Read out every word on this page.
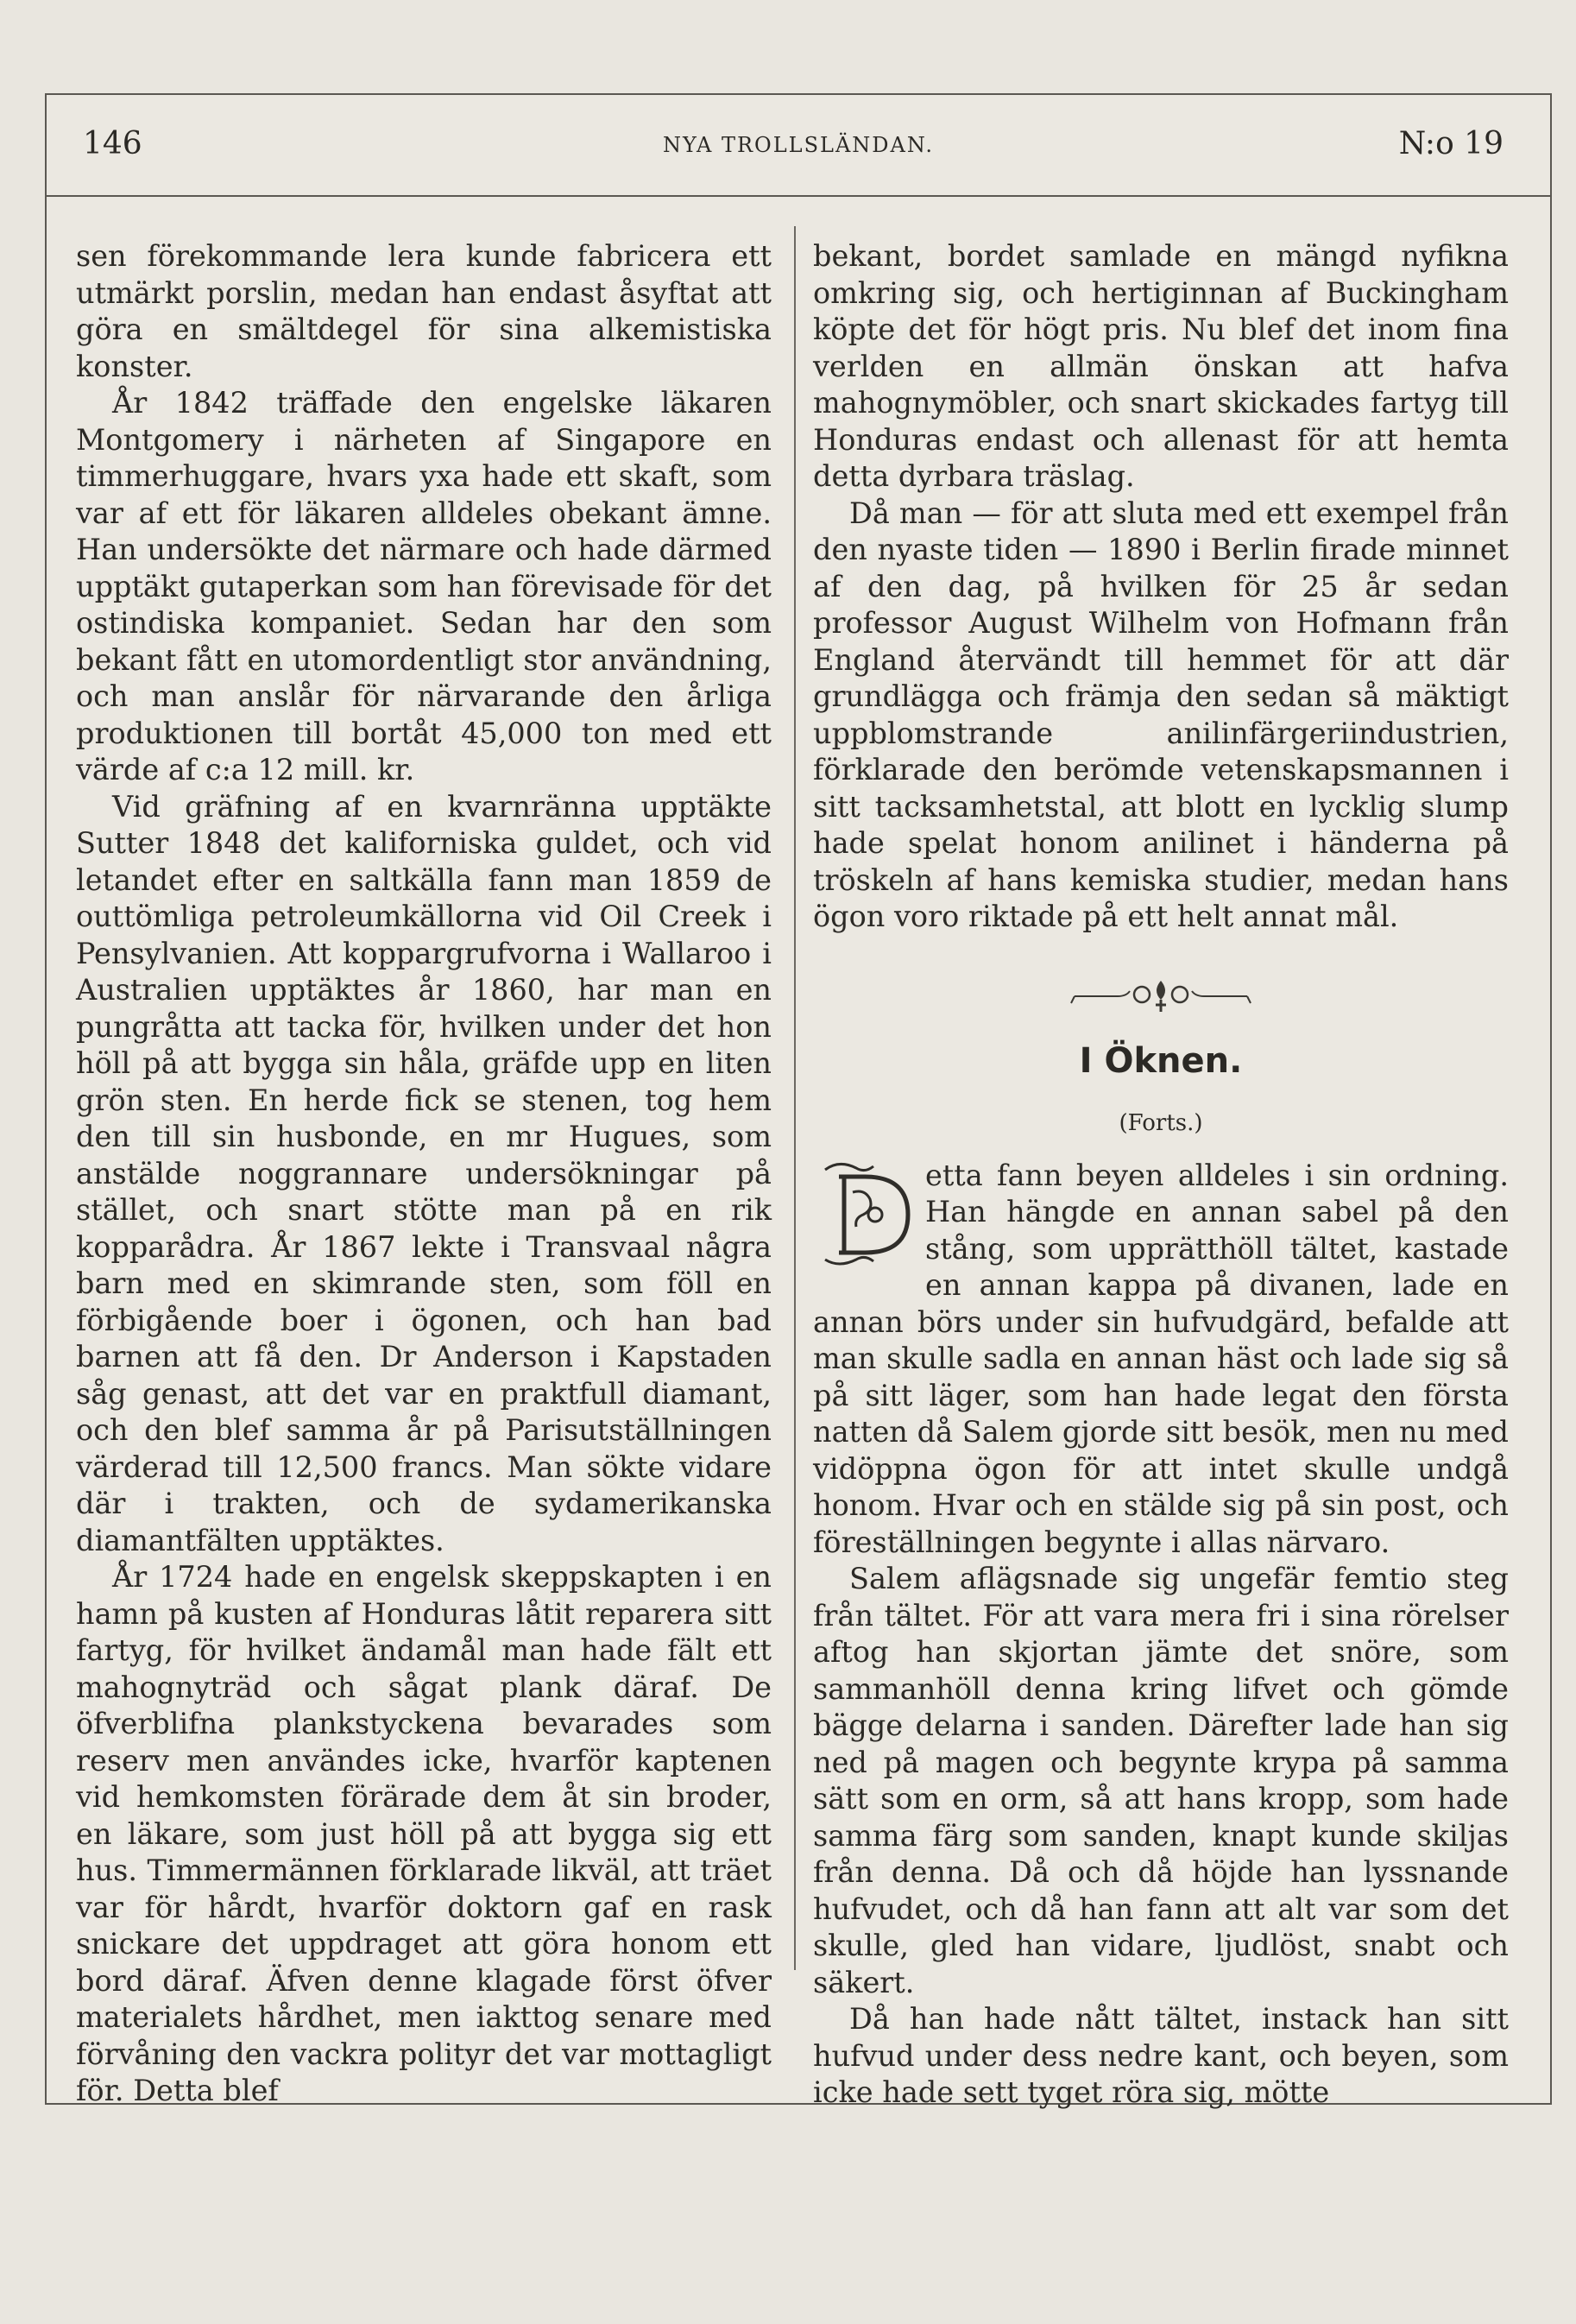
146	NYA TROLLSLÄNDAN.	N:o 19

sen förekommande lera kunde fabricera ett utmärkt porslin, medan han endast åsyftat att göra en smältdegel för sina alkemistiska konster.

År 1842 träffade den engelske läkaren Montgomery i närheten af Singapore en timmerhuggare, hvars yxa hade ett skaft, som var af ett för läkaren alldeles obekant ämne. Han undersökte det närmare och hade därmed upptäkt gutaperkan som han förevisade för det ostindiska kompaniet. Sedan har den som bekant fått en utomordentligt stor användning, och man anslår för närvarande den årliga produktionen till bortåt 45,000 ton med ett värde af c:a 12 mill. kr.

Vid gräfning af en kvarnränna upptäkte Sutter 1848 det kaliforniska guldet, och vid letandet efter en saltkälla fann man 1859 de outtömliga petroleumkällorna vid Oil Creek i Pensylvanien. Att koppargrufvorna i Wallaroo i Australien upptäktes år 1860, har man en pungråtta att tacka för, hvilken under det hon höll på att bygga sin håla, gräfde upp en liten grön sten. En herde fick se stenen, tog hem den till sin husbonde, en mr Hugues, som anstälde noggrannare undersökningar på stället, och snart stötte man på en rik kopparådra. År 1867 lekte i Transvaal några barn med en skimrande sten, som föll en förbigående boer i ögonen, och han bad barnen att få den. Dr Anderson i Kapstaden såg genast, att det var en praktfull diamant, och den blef samma år på Parisutställningen värderad till 12,500 francs. Man sökte vidare där i trakten, och de sydamerikanska diamantfälten upptäktes.

År 1724 hade en engelsk skeppskapten i en hamn på kusten af Honduras låtit reparera sitt fartyg, för hvilket ändamål man hade fält ett mahognyträd och sågat plank däraf. De öfverblifna plankstyckena bevarades som reserv men användes icke, hvarför kaptenen vid hemkomsten förärade dem åt sin broder, en läkare, som just höll på att bygga sig ett hus. Timmermännen förklarade likväl, att träet var för hårdt, hvarför doktorn gaf en rask snickare det uppdraget att göra honom ett bord däraf. Äfven denne klagade först öfver materialets hårdhet, men iakttog senare med förvåning den vackra polityr det var mottagligt för. Detta blef

bekant, bordet samlade en mängd nyfikna omkring sig, och hertiginnan af Buckingham köpte det för högt pris. Nu blef det inom fina verlden en allmän önskan att hafva mahognymöbler, och snart skickades fartyg till Honduras endast och allenast för att hemta detta dyrbara träslag.

Då man — för att sluta med ett exempel från den nyaste tiden — 1890 i Berlin firade minnet af den dag, på hvilken för 25 år sedan professor August Wilhelm von Hofmann från England återvändt till hemmet för att där grundlägga och främja den sedan så mäktigt uppblomstrande anilinfärgeriindustrien, förklarade den berömde vetenskapsmannen i sitt tacksamhetstal, att blott en lycklig slump hade spelat honom anilinet i händerna på tröskeln af hans kemiska studier, medan hans ögon voro riktade på ett helt annat mål.

I Öknen.
(Forts.)

etta fann beyen alldeles i sin ordning. Han hängde en annan sabel på den stång, som upprätthöll tältet, kastade en annan kappa på divanen, lade en annan börs under sin hufvudgärd, befalde att man skulle sadla en annan häst och lade sig så på sitt läger, som han hade legat den första natten då Salem gjorde sitt besök, men nu med vidöppna ögon för att intet skulle undgå honom. Hvar och en stälde sig på sin post, och föreställningen begynte i allas närvaro.

Salem aflägsnade sig ungefär femtio steg från tältet. För att vara mera fri i sina rörelser aftog han skjortan jämte det snöre, som sammanhöll denna kring lifvet och gömde bägge delarna i sanden. Därefter lade han sig ned på magen och begynte krypa på samma sätt som en orm, så att hans kropp, som hade samma färg som sanden, knapt kunde skiljas från denna. Då och då höjde han lyssnande hufvudet, och då han fann att alt var som det skulle, gled han vidare, ljudlöst, snabt och säkert.

Då han hade nått tältet, instack han sitt hufvud under dess nedre kant, och beyen, som icke hade sett tyget röra sig, mötte
